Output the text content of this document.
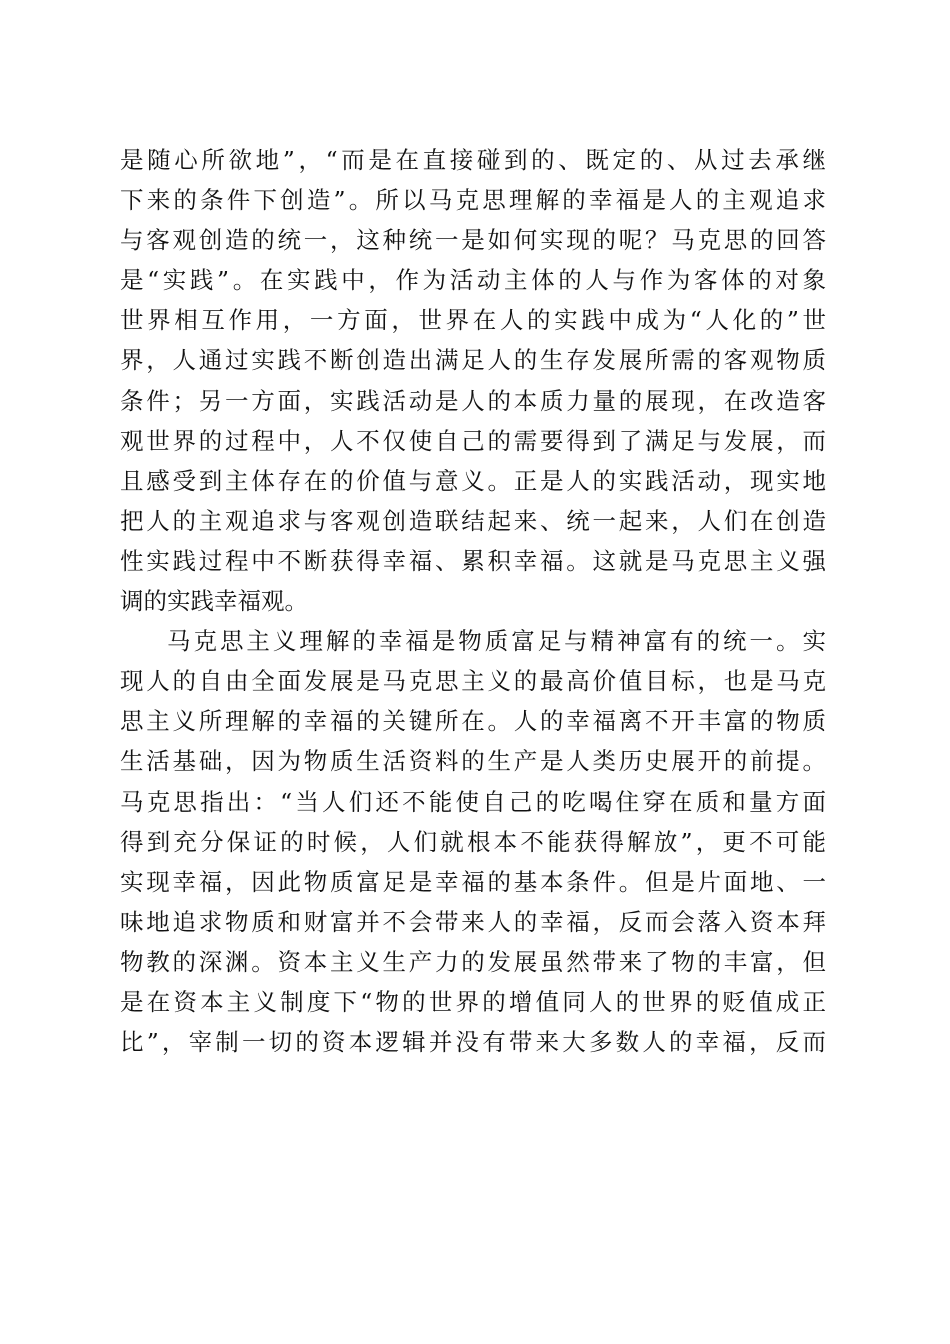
是随心所欲地”，“而是在直接碰到的、既定的、从过去承继
下来的条件下创造”。所以马克思理解的幸福是人的主观追求
与客观创造的统一，这种统一是如何实现的呢？马克思的回答
是“实践”。在实践中，作为活动主体的人与作为客体的对象
世界相互作用，一方面，世界在人的实践中成为“人化的”世
界，人通过实践不断创造出满足人的生存发展所需的客观物质
条件；另一方面，实践活动是人的本质力量的展现，在改造客
观世界的过程中，人不仅使自己的需要得到了满足与发展，而
且感受到主体存在的价值与意义。正是人的实践活动，现实地
把人的主观追求与客观创造联结起来、统一起来，人们在创造
性实践过程中不断获得幸福、累积幸福。这就是马克思主义强
调的实践幸福观。
马克思主义理解的幸福是物质富足与精神富有的统一。实
现人的自由全面发展是马克思主义的最高价值目标，也是马克
思主义所理解的幸福的关键所在。人的幸福离不开丰富的物质
生活基础，因为物质生活资料的生产是人类历史展开的前提。
马克思指出：“当人们还不能使自己的吃喝住穿在质和量方面
得到充分保证的时候，人们就根本不能获得解放”，更不可能
实现幸福，因此物质富足是幸福的基本条件。但是片面地、一
味地追求物质和财富并不会带来人的幸福，反而会落入资本拜
物教的深渊。资本主义生产力的发展虽然带来了物的丰富，但
是在资本主义制度下“物的世界的增值同人的世界的贬值成正
比”，宰制一切的资本逻辑并没有带来大多数人的幸福，反而
